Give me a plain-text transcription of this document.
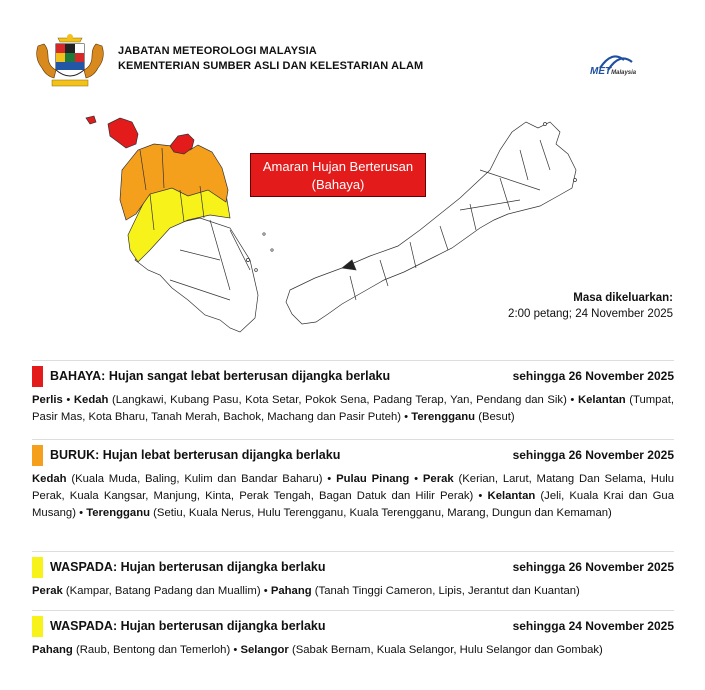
JABATAN METEOROLOGI MALAYSIA
KEMENTERIAN SUMBER ASLI DAN KELESTARIAN ALAM	METMalaysia
Amaran Hujan Berterusan
(Bahaya)
Masa dikeluarkan:
2:00 petang; 24 November 2025
BAHAYA: Hujan sangat lebat berterusan dijangka berlaku	sehingga 26 November 2025
Perlis • Kedah (Langkawi, Kubang Pasu, Kota Setar, Pokok Sena, Padang Terap, Yan, Pendang dan Sik) • Kelantan (Tumpat, Pasir Mas, Kota Bharu, Tanah Merah, Bachok, Machang dan Pasir Puteh) • Terengganu (Besut)
BURUK: Hujan lebat berterusan dijangka berlaku	sehingga 26 November 2025
Kedah (Kuala Muda, Baling, Kulim dan Bandar Baharu) • Pulau Pinang • Perak (Kerian, Larut, Matang Dan Selama, Hulu Perak, Kuala Kangsar, Manjung, Kinta, Perak Tengah, Bagan Datuk dan Hilir Perak) • Kelantan (Jeli, Kuala Krai dan Gua Musang) • Terengganu (Setiu, Kuala Nerus, Hulu Terengganu, Kuala Terengganu, Marang, Dungun dan Kemaman)
WASPADA: Hujan berterusan dijangka berlaku	sehingga 26 November 2025
Perak (Kampar, Batang Padang dan Muallim) • Pahang (Tanah Tinggi Cameron, Lipis, Jerantut dan Kuantan)
WASPADA: Hujan berterusan dijangka berlaku	sehingga 24 November 2025
Pahang (Raub, Bentong dan Temerloh) • Selangor (Sabak Bernam, Kuala Selangor, Hulu Selangor dan Gombak)
